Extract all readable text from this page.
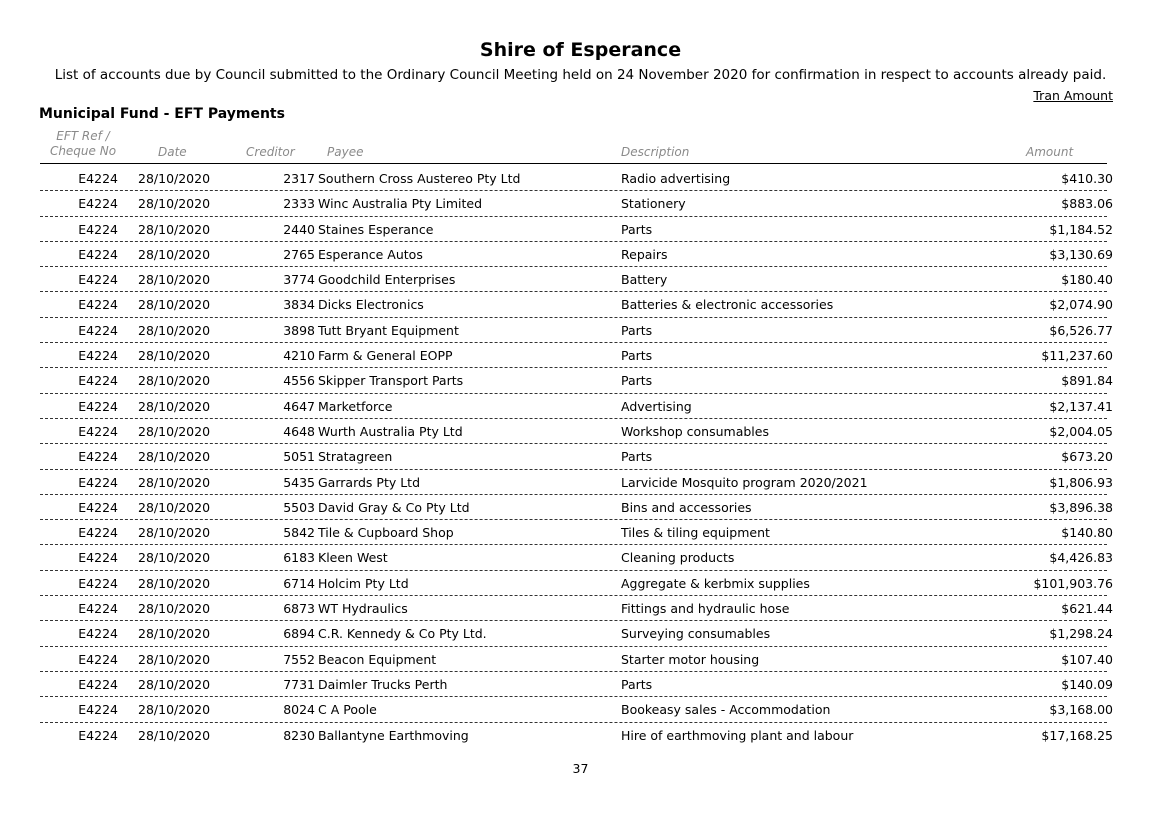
Shire of Esperance
List of accounts due by Council submitted to the Ordinary Council Meeting held on 24 November 2020 for confirmation in respect to accounts already paid.
Tran Amount
Municipal Fund - EFT Payments
EFT Ref /
Cheque No	Date	Creditor	Payee	Description	Amount
E4224 28/10/2020	2317 Southern Cross Austereo Pty Ltd	Radio advertising	$410.30
E4224 28/10/2020	2333 Winc Australia Pty Limited	Stationery	$883.06
E4224 28/10/2020	2440 Staines Esperance	Parts	$1,184.52
E4224 28/10/2020	2765 Esperance Autos	Repairs	$3,130.69
E4224 28/10/2020	3774 Goodchild Enterprises	Battery	$180.40
E4224 28/10/2020	3834 Dicks Electronics	Batteries & electronic accessories	$2,074.90
E4224 28/10/2020	3898 Tutt Bryant Equipment	Parts	$6,526.77
E4224 28/10/2020	4210 Farm & General EOPP	Parts	$11,237.60
E4224 28/10/2020	4556 Skipper Transport Parts	Parts	$891.84
E4224 28/10/2020	4647 Marketforce	Advertising	$2,137.41
E4224 28/10/2020	4648 Wurth Australia Pty Ltd	Workshop consumables	$2,004.05
E4224 28/10/2020	5051 Stratagreen	Parts	$673.20
E4224 28/10/2020	5435 Garrards Pty Ltd	Larvicide Mosquito program 2020/2021	$1,806.93
E4224 28/10/2020	5503 David Gray & Co Pty Ltd	Bins and accessories	$3,896.38
E4224 28/10/2020	5842 Tile & Cupboard Shop	Tiles & tiling equipment	$140.80
E4224 28/10/2020	6183 Kleen West	Cleaning products	$4,426.83
E4224 28/10/2020	6714 Holcim Pty Ltd	Aggregate & kerbmix supplies	$101,903.76
E4224 28/10/2020	6873 WT Hydraulics	Fittings and hydraulic hose	$621.44
E4224 28/10/2020	6894 C.R. Kennedy & Co Pty Ltd.	Surveying consumables	$1,298.24
E4224 28/10/2020	7552 Beacon Equipment	Starter motor housing	$107.40
E4224 28/10/2020	7731 Daimler Trucks Perth	Parts	$140.09
E4224 28/10/2020	8024 C A Poole	Bookeasy sales - Accommodation	$3,168.00
E4224 28/10/2020	8230 Ballantyne Earthmoving	Hire of earthmoving plant and labour	$17,168.25
37
